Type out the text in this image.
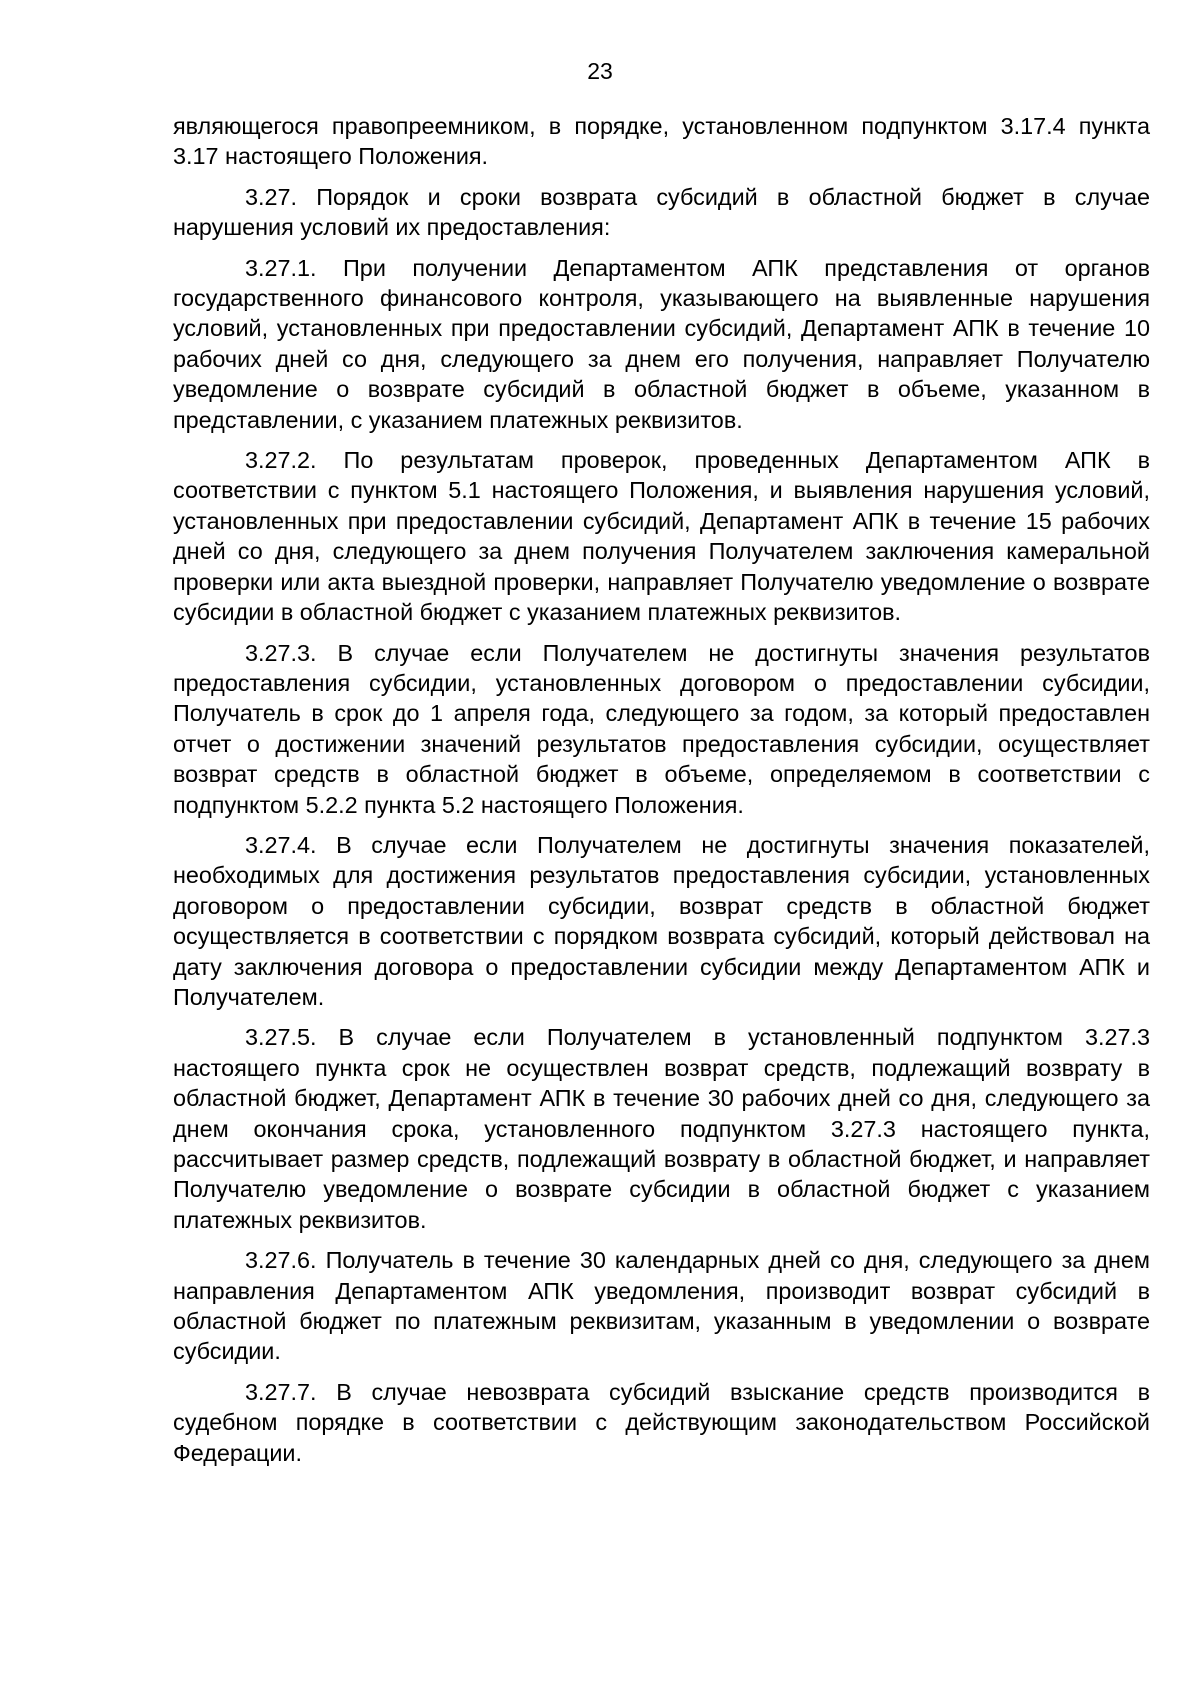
23

являющегося правопреемником, в порядке, установленном подпунктом 3.17.4 пункта 3.17 настоящего Положения.

3.27. Порядок и сроки возврата субсидий в областной бюджет в случае нарушения условий их предоставления:

3.27.1. При получении Департаментом АПК представления от органов государственного финансового контроля, указывающего на выявленные нарушения условий, установленных при предоставлении субсидий, Департамент АПК в течение 10 рабочих дней со дня, следующего за днем его получения, направляет Получателю уведомление о возврате субсидий в областной бюджет в объеме, указанном в представлении, с указанием платежных реквизитов.

3.27.2. По результатам проверок, проведенных Департаментом АПК в соответствии с пунктом 5.1 настоящего Положения, и выявления нарушения условий, установленных при предоставлении субсидий, Департамент АПК в течение 15 рабочих дней со дня, следующего за днем получения Получателем заключения камеральной проверки или акта выездной проверки, направляет Получателю уведомление о возврате субсидии в областной бюджет с указанием платежных реквизитов.

3.27.3. В случае если Получателем не достигнуты значения результатов предоставления субсидии, установленных договором о предоставлении субсидии, Получатель в срок до 1 апреля года, следующего за годом, за который предоставлен отчет о достижении значений результатов предоставления субсидии, осуществляет возврат средств в областной бюджет в объеме, определяемом в соответствии с подпунктом 5.2.2 пункта 5.2 настоящего Положения.

3.27.4. В случае если Получателем не достигнуты значения показателей, необходимых для достижения результатов предоставления субсидии, установленных договором о предоставлении субсидии, возврат средств в областной бюджет осуществляется в соответствии с порядком возврата субсидий, который действовал на дату заключения договора о предоставлении субсидии между Департаментом АПК и Получателем.

3.27.5. В случае если Получателем в установленный подпунктом 3.27.3 настоящего пункта срок не осуществлен возврат средств, подлежащий возврату в областной бюджет, Департамент АПК в течение 30 рабочих дней со дня, следующего за днем окончания срока, установленного подпунктом 3.27.3 настоящего пункта, рассчитывает размер средств, подлежащий возврату в областной бюджет, и направляет Получателю уведомление о возврате субсидии в областной бюджет с указанием платежных реквизитов.

3.27.6. Получатель в течение 30 календарных дней со дня, следующего за днем направления Департаментом АПК уведомления, производит возврат субсидий в областной бюджет по платежным реквизитам, указанным в уведомлении о возврате субсидии.

3.27.7. В случае невозврата субсидий взыскание средств производится в судебном порядке в соответствии с действующим законодательством Российской Федерации.
